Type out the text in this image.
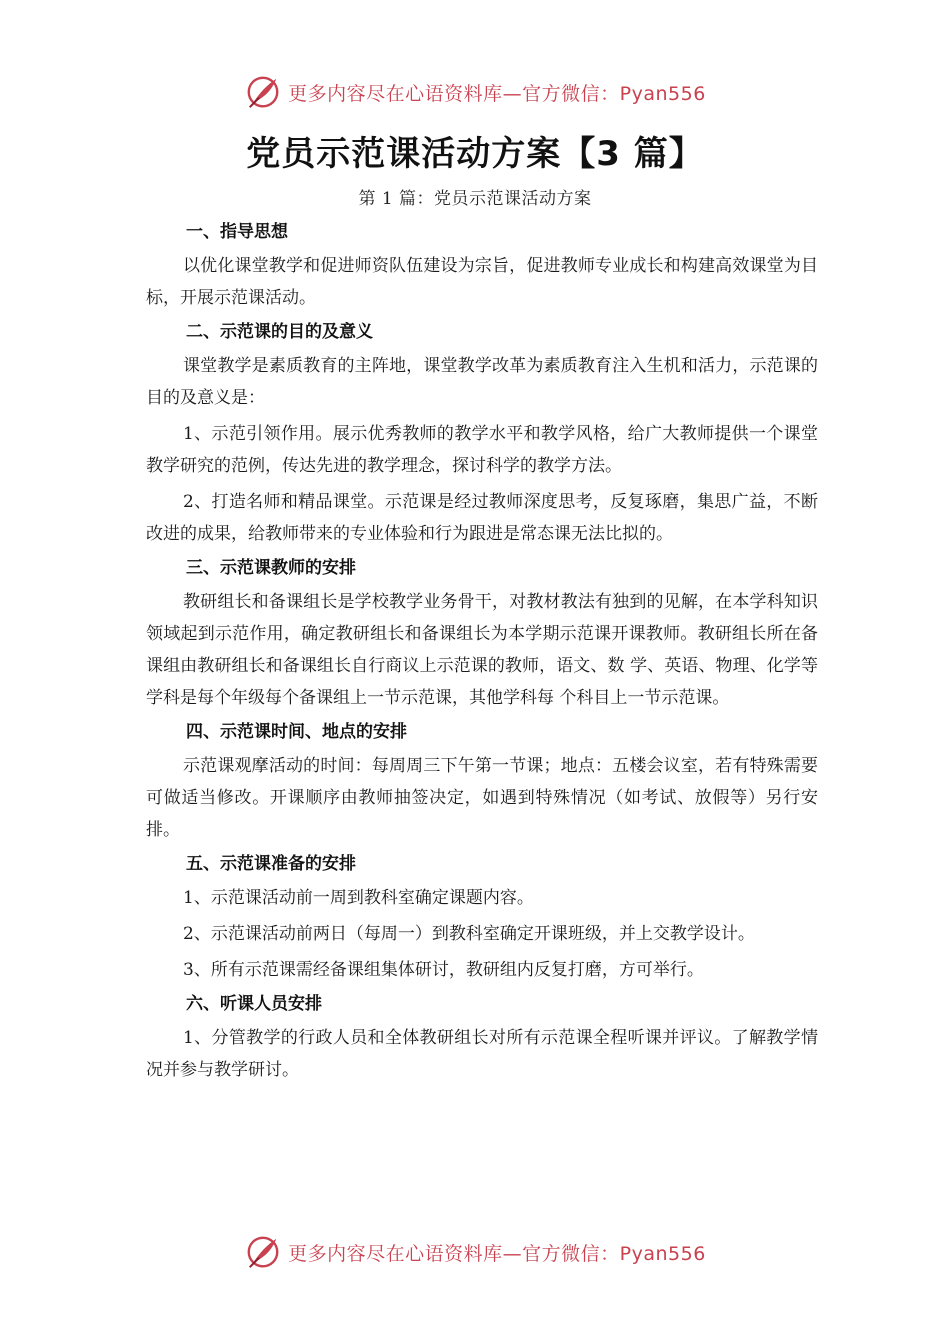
更多内容尽在心语资料库—官方微信：Pyan556
党员示范课活动方案【3 篇】
第 1 篇：党员示范课活动方案
一、指导思想
以优化课堂教学和促进师资队伍建设为宗旨，促进教师专业成长和构建高效课堂为目标，开展示范课活动。
二、示范课的目的及意义
课堂教学是素质教育的主阵地，课堂教学改革为素质教育注入生机和活力，示范课的目的及意义是：
1、示范引领作用。展示优秀教师的教学水平和教学风格，给广大教师提供一个课堂教学研究的范例，传达先进的教学理念，探讨科学的教学方法。
2、打造名师和精品课堂。示范课是经过教师深度思考，反复琢磨，集思广益，不断改进的成果，给教师带来的专业体验和行为跟进是常态课无法比拟的。
三、示范课教师的安排
教研组长和备课组长是学校教学业务骨干，对教材教法有独到的见解，在本学科知识领域起到示范作用，确定教研组长和备课组长为本学期示范课开课教师。教研组长所在备课组由教研组长和备课组长自行商议上示范课的教师，语文、数 学、英语、物理、化学等学科是每个年级每个备课组上一节示范课，其他学科每 个科目上一节示范课。
四、示范课时间、地点的安排
示范课观摩活动的时间：每周周三下午第一节课；地点：五楼会议室，若有特殊需要可做适当修改。开课顺序由教师抽签决定，如遇到特殊情况（如考试、放假等）另行安排。
五、示范课准备的安排
1、示范课活动前一周到教科室确定课题内容。
2、示范课活动前两日（每周一）到教科室确定开课班级，并上交教学设计。
3、所有示范课需经备课组集体研讨，教研组内反复打磨，方可举行。
六、听课人员安排
1、分管教学的行政人员和全体教研组长对所有示范课全程听课并评议。了解教学情况并参与教学研讨。
更多内容尽在心语资料库—官方微信：Pyan556
